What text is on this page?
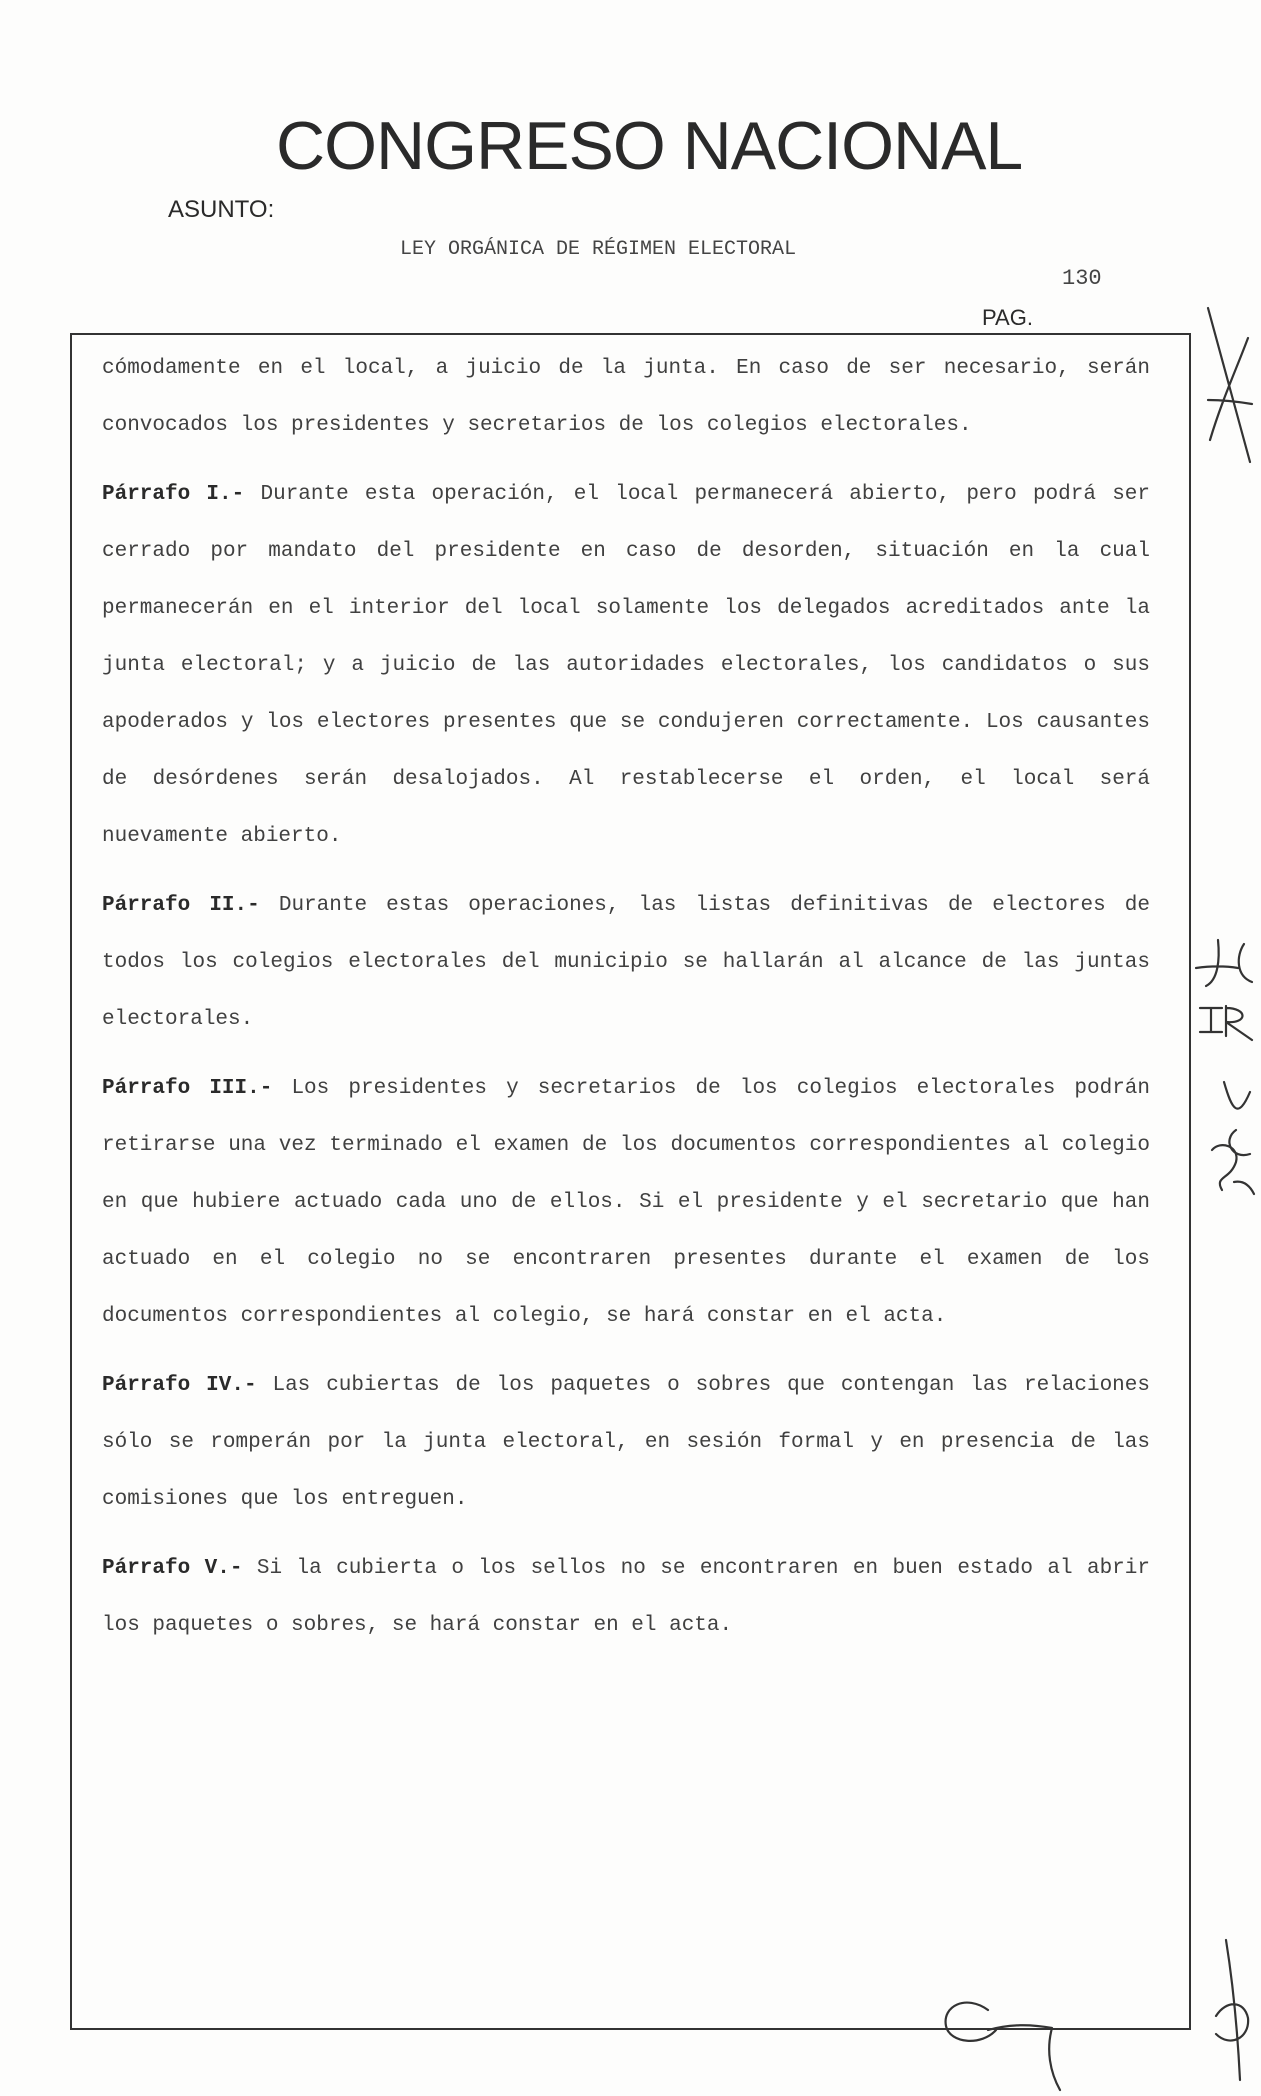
CONGRESO NACIONAL
ASUNTO:
LEY ORGÁNICA DE RÉGIMEN ELECTORAL
130
PAG.

cómodamente en el local, a juicio de la junta. En caso de ser necesario, serán convocados los presidentes y secretarios de los colegios electorales.

Párrafo I.- Durante esta operación, el local permanecerá abierto, pero podrá ser cerrado por mandato del presidente en caso de desorden, situación en la cual permanecerán en el interior del local solamente los delegados acreditados ante la junta electoral; y a juicio de las autoridades electorales, los candidatos o sus apoderados y los electores presentes que se condujeren correctamente. Los causantes de desórdenes serán desalojados. Al restablecerse el orden, el local será nuevamente abierto.

Párrafo II.- Durante estas operaciones, las listas definitivas de electores de todos los colegios electorales del municipio se hallarán al alcance de las juntas electorales.

Párrafo III.- Los presidentes y secretarios de los colegios electorales podrán retirarse una vez terminado el examen de los documentos correspondientes al colegio en que hubiere actuado cada uno de ellos. Si el presidente y el secretario que han actuado en el colegio no se encontraren presentes durante el examen de los documentos correspondientes al colegio, se hará constar en el acta.

Párrafo IV.- Las cubiertas de los paquetes o sobres que contengan las relaciones sólo se romperán por la junta electoral, en sesión formal y en presencia de las comisiones que los entreguen.

Párrafo V.- Si la cubierta o los sellos no se encontraren en buen estado al abrir los paquetes o sobres, se hará constar en el acta.
